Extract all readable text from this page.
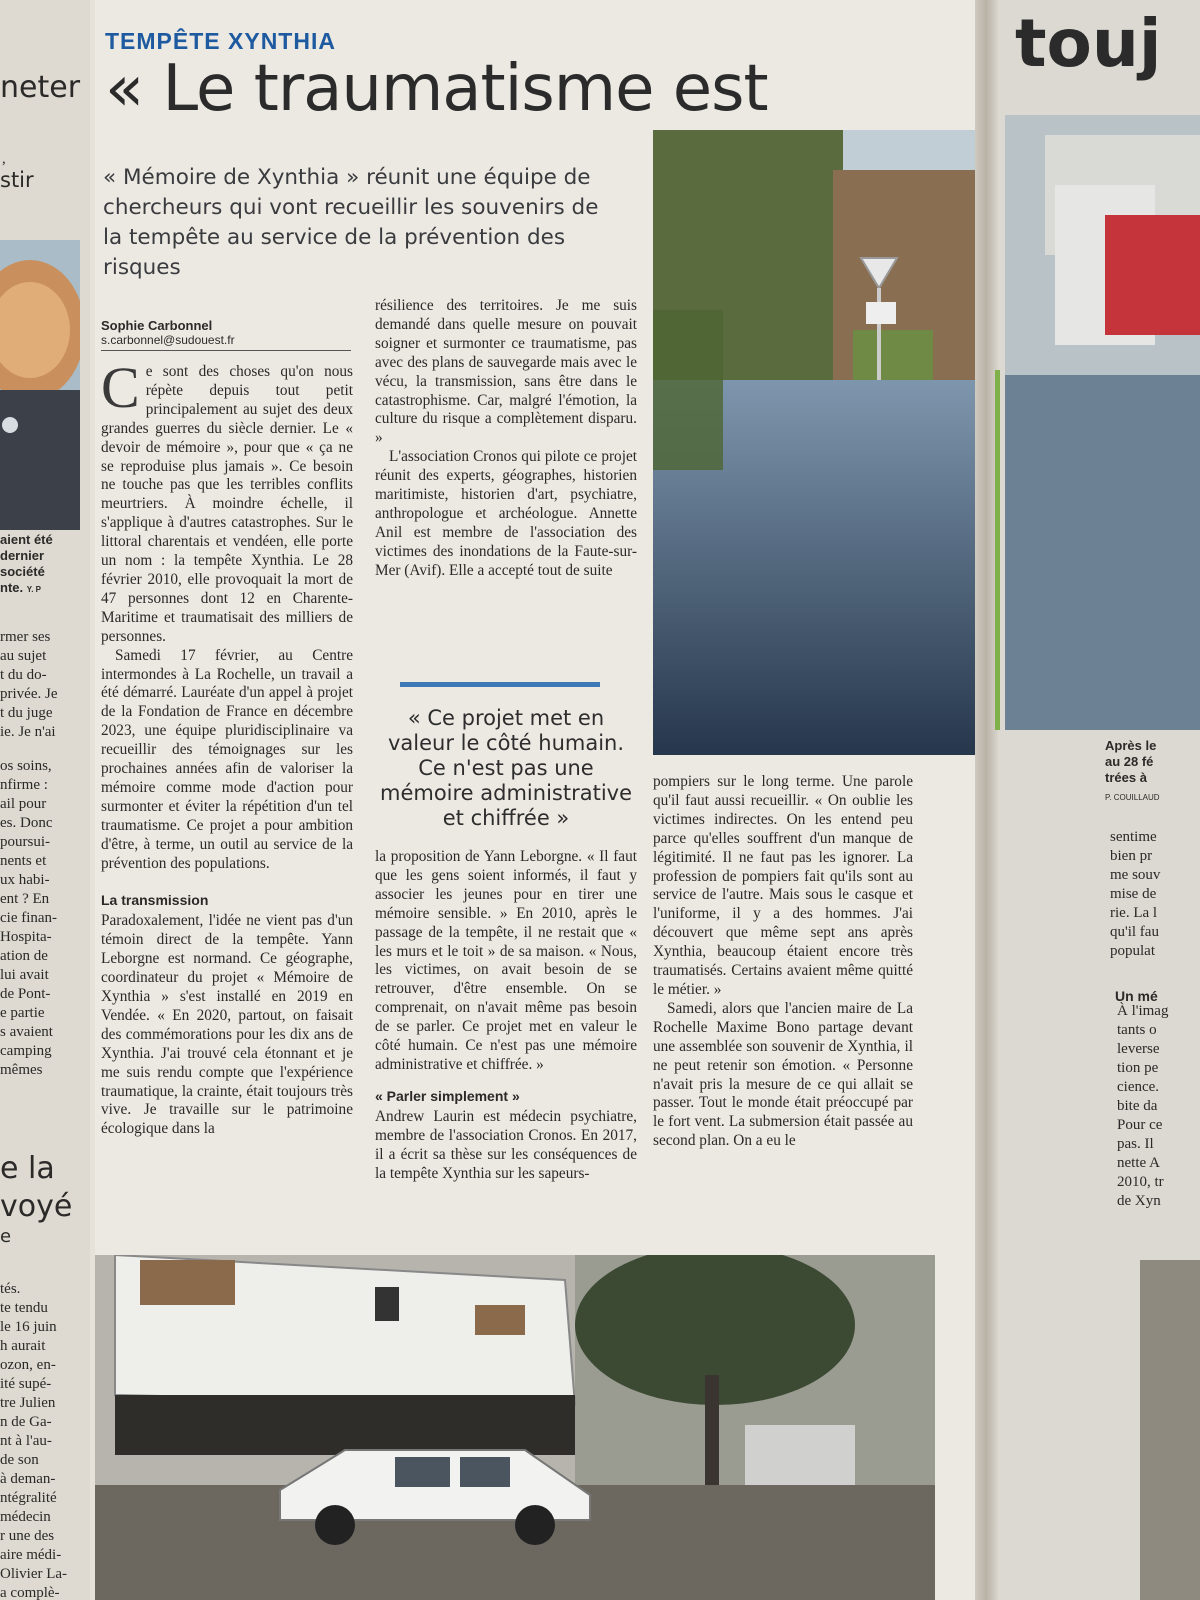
neter
,
stir
aient été
dernier
société
nte. Y. P
rmer ses
au sujet
t du do-
privée. Je
t du juge
ie. Je n'ai
os soins,
nfirme :
ail pour
es. Donc
poursui-
nents et
ux habi-
ent ? En
cie finan-
Hospita-
ation de
lui avait
de Pont-
e partie
s avaient
camping
mêmes
e la
voyé
e
tés.
te tendu
le 16 juin
h aurait
ozon, en-
ité supé-
tre Julien
n de Ga-
nt à l'au-
de son
à deman-
ntégralité
médecin
r une des
aire médi-
Olivier La-
a complè-
TEMPÊTE XYNTHIA
« Le traumatisme est
« Mémoire de Xynthia » réunit une équipe de chercheurs qui vont recueillir les souvenirs de la tempête au service de la prévention des risques
Sophie Carbonnel
s.carbonnel@sudouest.fr

Ce sont des choses qu'on nous répète depuis tout petit principalement au sujet des deux grandes guerres du siècle dernier. Le « devoir de mémoire », pour que « ça ne se reproduise plus jamais ». Ce besoin ne touche pas que les terribles conflits meurtriers. À moindre échelle, il s'applique à d'autres catastrophes. Sur le littoral charentais et vendéen, elle porte un nom : la tempête Xynthia. Le 28 février 2010, elle provoquait la mort de 47 personnes dont 12 en Charente-Maritime et traumatisait des milliers de personnes.

Samedi 17 février, au Centre intermondes à La Rochelle, un travail a été démarré. Lauréate d'un appel à projet de la Fondation de France en décembre 2023, une équipe pluridisciplinaire va recueillir des témoignages sur les prochaines années afin de valoriser la mémoire comme mode d'action pour surmonter et éviter la répétition d'un tel traumatisme. Ce projet a pour ambition d'être, à terme, un outil au service de la prévention des populations.

La transmission

Paradoxalement, l'idée ne vient pas d'un témoin direct de la tempête. Yann Leborgne est normand. Ce géographe, coordinateur du projet « Mémoire de Xynthia » s'est installé en 2019 en Vendée. « En 2020, partout, on faisait des commémorations pour les dix ans de Xynthia. J'ai trouvé cela étonnant et je me suis rendu compte que l'expérience traumatique, la crainte, était toujours très vive. Je travaille sur le patrimoine écologique dans la

résilience des territoires. Je me suis demandé dans quelle mesure on pouvait soigner et surmonter ce traumatisme, pas avec des plans de sauvegarde mais avec le vécu, la transmission, sans être dans le catastrophisme. Car, malgré l'émotion, la culture du risque a complètement disparu. »

L'association Cronos qui pilote ce projet réunit des experts, géographes, historien maritimiste, historien d'art, psychiatre, anthropologue et archéologue. Annette Anil est membre de l'association des victimes des inondations de la Faute-sur-Mer (Avif). Elle a accepté tout de suite

« Ce projet met en valeur le côté humain. Ce n'est pas une mémoire administrative et chiffrée »

la proposition de Yann Leborgne. « Il faut que les gens soient informés, il faut y associer les jeunes pour en tirer une mémoire sensible. » En 2010, après le passage de la tempête, il ne restait que « les murs et le toit » de sa maison. « Nous, les victimes, on avait besoin de se retrouver, d'être ensemble. On se comprenait, on n'avait même pas besoin de se parler. Ce projet met en valeur le côté humain. Ce n'est pas une mémoire administrative et chiffrée. »

« Parler simplement »

Andrew Laurin est médecin psychiatre, membre de l'association Cronos. En 2017, il a écrit sa thèse sur les conséquences de la tempête Xynthia sur les sapeurs-

pompiers sur le long terme. Une parole qu'il faut aussi recueillir. « On oublie les victimes indirectes. On les entend peu parce qu'elles souffrent d'un manque de légitimité. Il ne faut pas les ignorer. La profession de pompiers fait qu'ils sont au service de l'autre. Mais sous le casque et l'uniforme, il y a des hommes. J'ai découvert que même sept ans après Xynthia, beaucoup étaient encore très traumatisés. Certains avaient même quitté le métier. »

Samedi, alors que l'ancien maire de La Rochelle Maxime Bono partage devant une assemblée son souvenir de Xynthia, il ne peut retenir son émotion. « Personne n'avait pris la mesure de ce qui allait se passer. Tout le monde était préoccupé par le fort vent. La submersion était passée au second plan. On a eu le

touj
Après le
au 28 fé
trées à
P. COUILLAUD
sentime
bien pr
me souv
mise de
rie. La l
qu'il fau
populat
Un mé
À l'imag
tants o
leverse
tion pe
cience.
bite da
Pour ce
pas. Il
nette A
2010, tr
de Xyn
